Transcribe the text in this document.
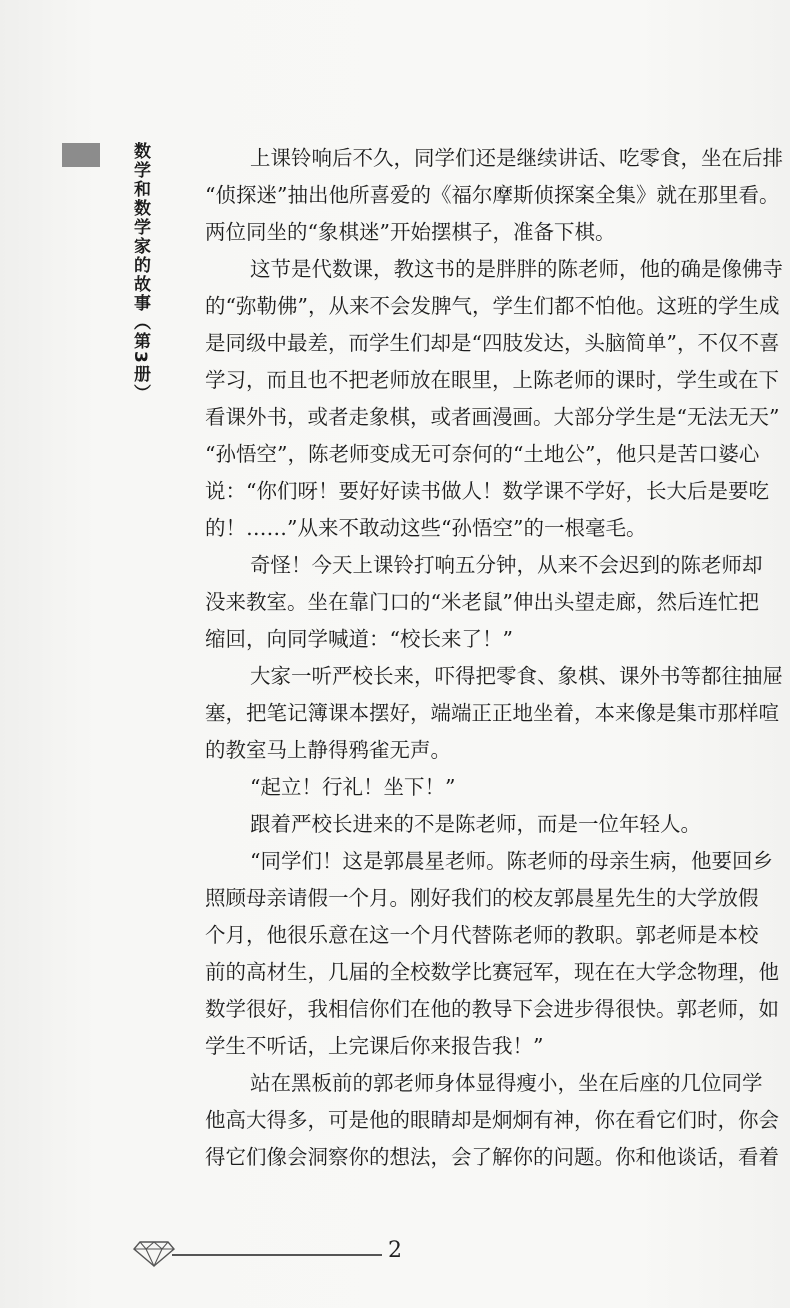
数学和数学家的故事（第3册）	上课铃响后不久，同学们还是继续讲话、吃零食，坐在后排
“侦探迷”抽出他所喜爱的《福尔摩斯侦探案全集》就在那里看。
两位同坐的“象棋迷”开始摆棋子，准备下棋。
这节是代数课，教这书的是胖胖的陈老师，他的确是像佛寺
的“弥勒佛”，从来不会发脾气，学生们都不怕他。这班的学生成
是同级中最差，而学生们却是“四肢发达，头脑简单”，不仅不喜
学习，而且也不把老师放在眼里，上陈老师的课时，学生或在下
看课外书，或者走象棋，或者画漫画。大部分学生是“无法无天”
“孙悟空”，陈老师变成无可奈何的“土地公”，他只是苦口婆心
说：“你们呀！要好好读书做人！数学课不学好，长大后是要吃
的！……”从来不敢动这些“孙悟空”的一根毫毛。
奇怪！今天上课铃打响五分钟，从来不会迟到的陈老师却
没来教室。坐在靠门口的“米老鼠”伸出头望走廊，然后连忙把
缩回，向同学喊道：“校长来了！”
大家一听严校长来，吓得把零食、象棋、课外书等都往抽屉
塞，把笔记簿课本摆好，端端正正地坐着，本来像是集市那样喧
的教室马上静得鸦雀无声。
“起立！行礼！坐下！”
跟着严校长进来的不是陈老师，而是一位年轻人。
“同学们！这是郭晨星老师。陈老师的母亲生病，他要回乡
照顾母亲请假一个月。刚好我们的校友郭晨星先生的大学放假
个月，他很乐意在这一个月代替陈老师的教职。郭老师是本校
前的高材生，几届的全校数学比赛冠军，现在在大学念物理，他
数学很好，我相信你们在他的教导下会进步得很快。郭老师，如
学生不听话，上完课后你来报告我！”
站在黑板前的郭老师身体显得瘦小，坐在后座的几位同学
他高大得多，可是他的眼睛却是炯炯有神，你在看它们时，你会
得它们像会洞察你的想法，会了解你的问题。你和他谈话，看着
2
